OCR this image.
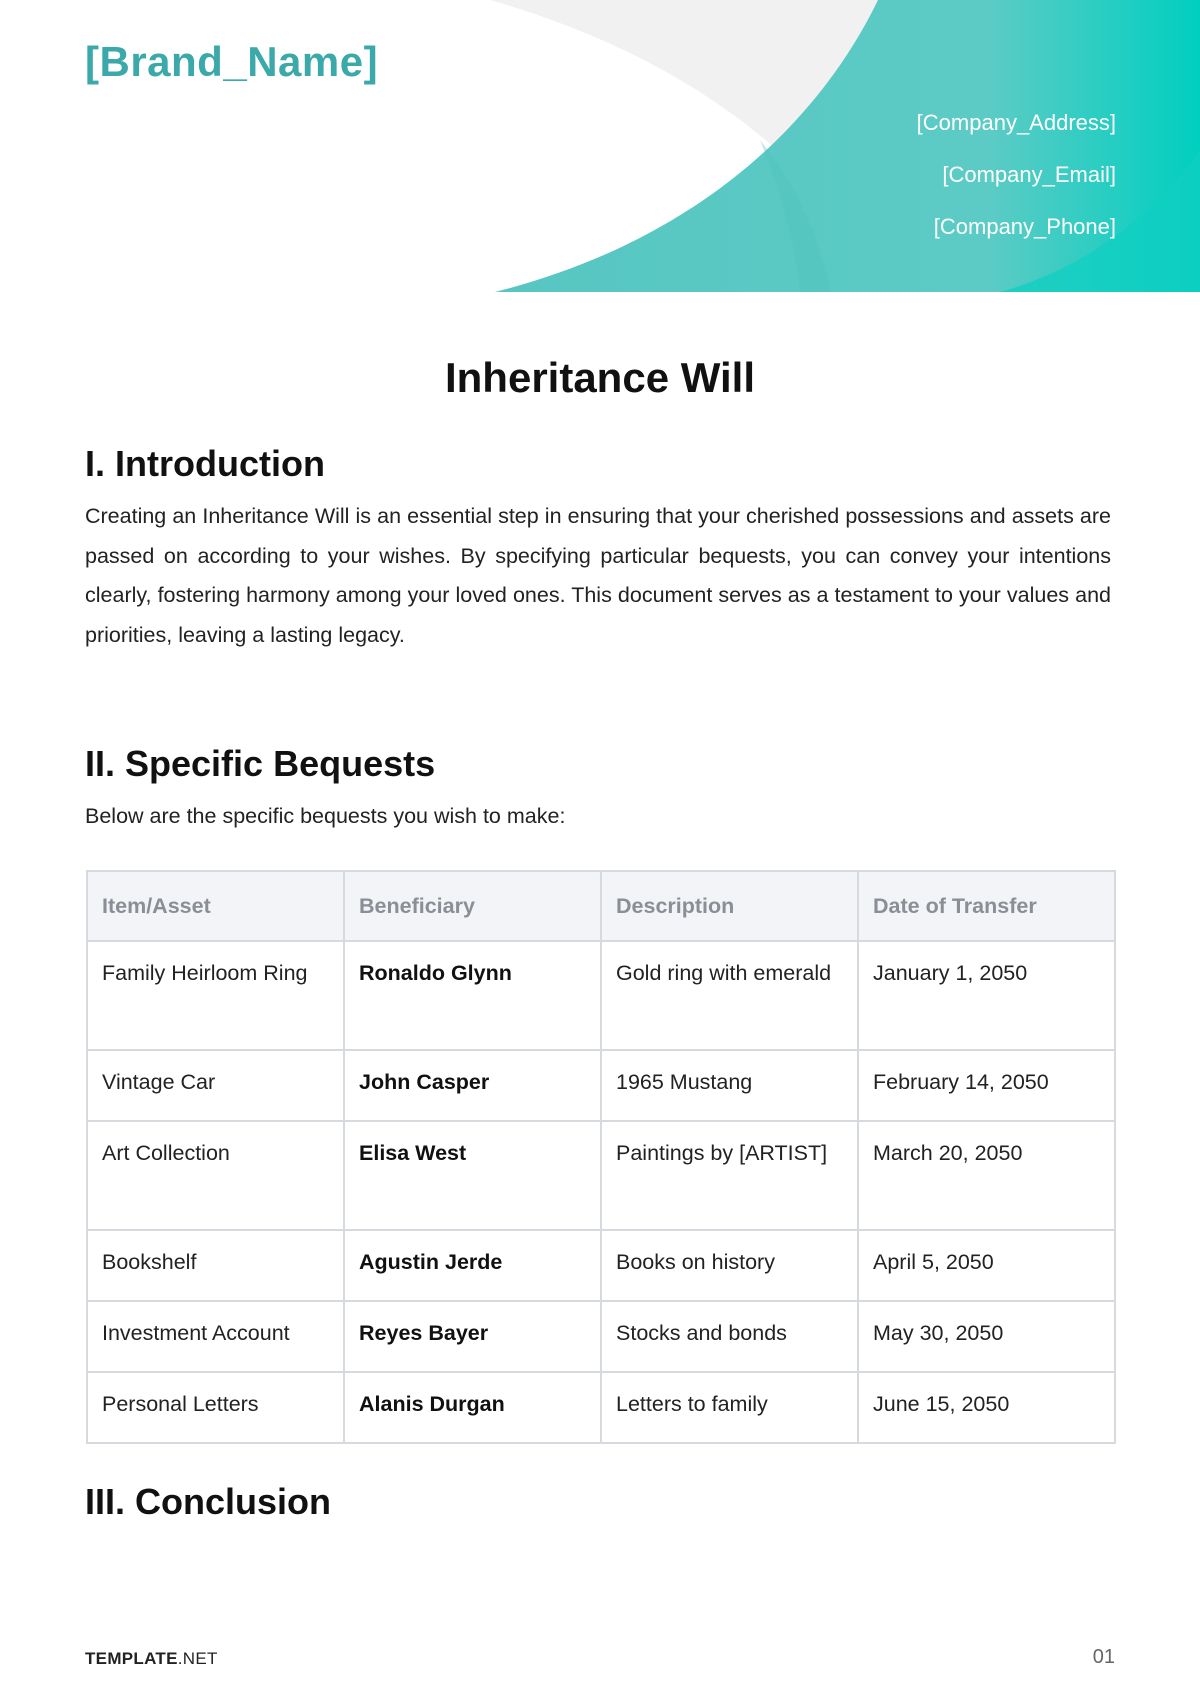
[Brand_Name]
[Company_Address]
[Company_Email]
[Company_Phone]
Inheritance Will
I. Introduction

Creating an Inheritance Will is an essential step in ensuring that your cherished possessions and assets are passed on according to your wishes. By specifying particular bequests, you can convey your intentions clearly, fostering harmony among your loved ones. This document serves as a testament to your values and priorities, leaving a lasting legacy.

II. Specific Bequests

Below are the specific bequests you wish to make:

Item/Asset	Beneficiary	Description	Date of Transfer
Family Heirloom Ring	Ronaldo Glynn	Gold ring with emerald	January 1, 2050
Vintage Car	John Casper	1965 Mustang	February 14, 2050
Art Collection	Elisa West	Paintings by [ARTIST]	March 20, 2050
Bookshelf	Agustin Jerde	Books on history	April 5, 2050
Investment Account	Reyes Bayer	Stocks and bonds	May 30, 2050
Personal Letters	Alanis Durgan	Letters to family	June 15, 2050
III. Conclusion
TEMPLATE.NET	01
